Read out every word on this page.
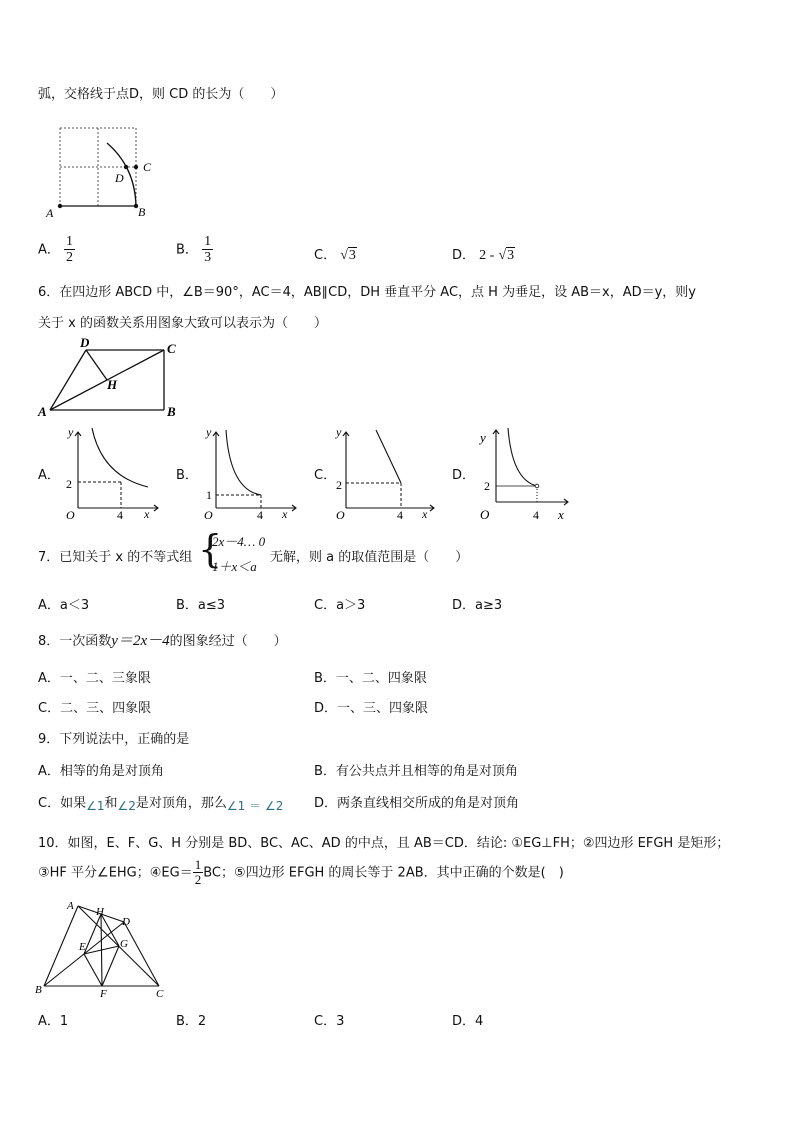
弧，交格线于点D，则 CD 的长为（　　）
A	B
C
D
A． $\frac{1}{2}$	B． $\frac{1}{3}$	C． √3	D． 2 - √3
6．在四边形 ABCD 中，∠B＝90°，AC＝4，AB∥CD，DH 垂直平分 AC，点 H 为垂足，设 AB＝x，AD＝y，则y
关于 x 的函数关系用图象大致可以表示为（　　）
A	B
C
D
H
A．
y
2
O	4 x
B．
y
1
O	4 x
C．
y
2
O	4 x
D．
y
2
O	4 x
7．已知关于 x 的不等式组 {
2x－4… 0
1＋x＜a
无解，则 a 的取值范围是（　　）
A．a＜3	B．a≤3	C．a＞3	D．a≥3
8．一次函数y＝2x－4的图象经过（　　）
A．一、二、三象限	B．一、二、四象限
C．二、三、四象限	D．一、三、四象限
9．下列说法中，正确的是
A．相等的角是对顶角	B．有公共点并且相等的角是对顶角
C．如果∠1和∠2是对顶角，那么∠1 ＝ ∠2 D．两条直线相交所成的角是对顶角
10．如图，E、F、G、H 分别是 BD、BC、AC、AD 的中点，且 AB＝CD．结论: ①EG⊥FH；②四边形 EFGH 是矩形；
③HF 平分∠EHG；④EG＝ $\frac{1}{2}$ BC；⑤四边形 EFGH 的周长等于 2AB．其中正确的个数是(　)
A
B	C
D
E
F
G
H
A．1	B．2	C．3	D．4
